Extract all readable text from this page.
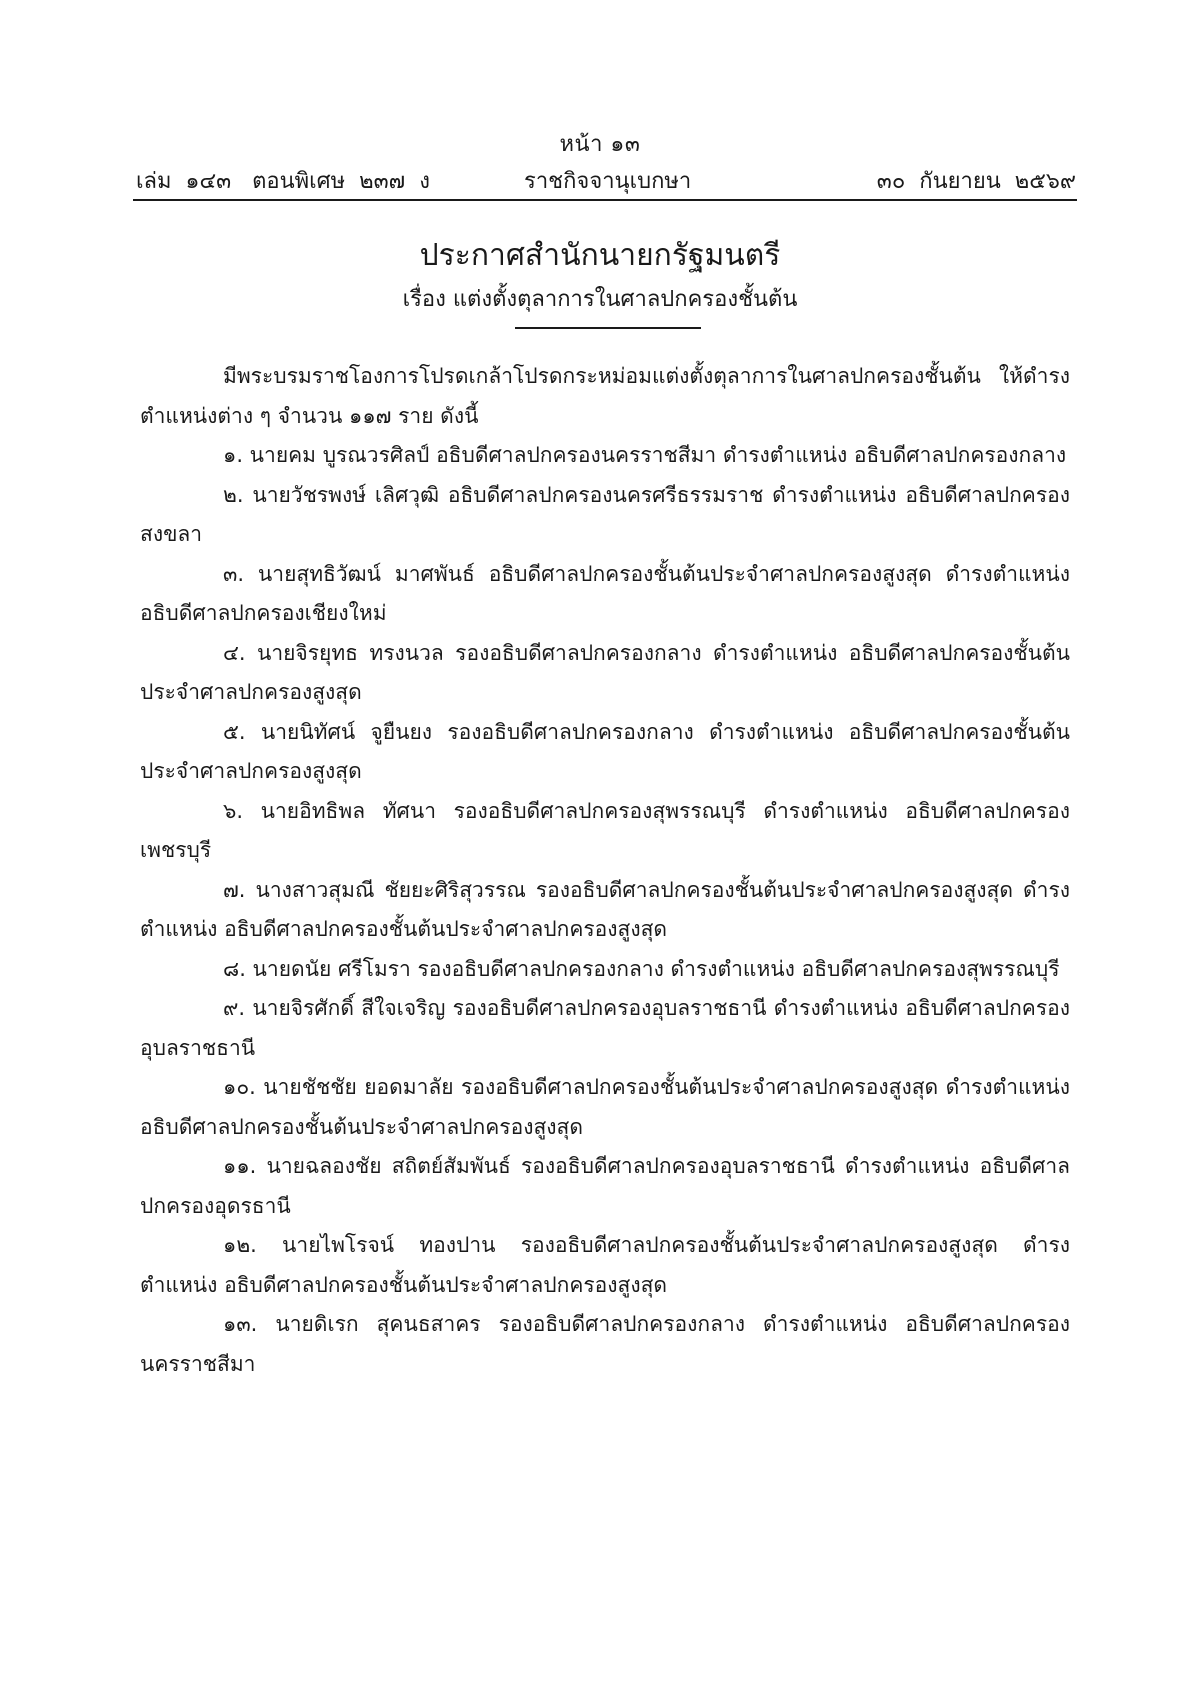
หน้า ๑๓
เล่ม  ๑๔๓   ตอนพิเศษ  ๒๓๗  ง	ราชกิจจานุเบกษา	๓๐  กันยายน  ๒๕๖๙
ประกาศสำนักนายกรัฐมนตรี
เรื่อง แต่งตั้งตุลาการในศาลปกครองชั้นต้น

มีพระบรมราชโองการโปรดเกล้าโปรดกระหม่อมแต่งตั้งตุลาการในศาลปกครองชั้นต้น ให้ดำรงตำแหน่งต่าง ๆ จำนวน ๑๑๗ ราย ดังนี้

๑. นายคม บูรณวรศิลป์ อธิบดีศาลปกครองนครราชสีมา ดำรงตำแหน่ง อธิบดีศาลปกครองกลาง

๒. นายวัชรพงษ์ เลิศวุฒิ อธิบดีศาลปกครองนครศรีธรรมราช ดำรงตำแหน่ง อธิบดีศาลปกครอง สงขลา

๓. นายสุทธิวัฒน์ มาศพันธ์ อธิบดีศาลปกครองชั้นต้นประจำศาลปกครองสูงสุด ดำรงตำแหน่ง อธิบดีศาลปกครองเชียงใหม่

๔. นายจิรยุทธ ทรงนวล รองอธิบดีศาลปกครองกลาง ดำรงตำแหน่ง อธิบดีศาลปกครองชั้นต้น ประจำศาลปกครองสูงสุด

๕. นายนิทัศน์ จูยืนยง รองอธิบดีศาลปกครองกลาง ดำรงตำแหน่ง อธิบดีศาลปกครองชั้นต้น ประจำศาลปกครองสูงสุด

๖. นายอิทธิพล ทัศนา รองอธิบดีศาลปกครองสุพรรณบุรี ดำรงตำแหน่ง อธิบดีศาลปกครอง เพชรบุรี

๗. นางสาวสุมณี ชัยยะศิริสุวรรณ รองอธิบดีศาลปกครองชั้นต้นประจำศาลปกครองสูงสุด ดำรงตำแหน่ง อธิบดีศาลปกครองชั้นต้นประจำศาลปกครองสูงสุด

๘. นายดนัย ศรีโมรา รองอธิบดีศาลปกครองกลาง ดำรงตำแหน่ง อธิบดีศาลปกครองสุพรรณบุรี

๙. นายจิรศักดิ์ สีใจเจริญ รองอธิบดีศาลปกครองอุบลราชธานี ดำรงตำแหน่ง อธิบดีศาลปกครอง อุบลราชธานี

๑๐. นายชัชชัย ยอดมาลัย รองอธิบดีศาลปกครองชั้นต้นประจำศาลปกครองสูงสุด ดำรงตำแหน่ง อธิบดีศาลปกครองชั้นต้นประจำศาลปกครองสูงสุด

๑๑. นายฉลองชัย สถิตย์สัมพันธ์ รองอธิบดีศาลปกครองอุบลราชธานี ดำรงตำแหน่ง อธิบดีศาลปกครองอุดรธานี

๑๒. นายไพโรจน์ ทองปาน รองอธิบดีศาลปกครองชั้นต้นประจำศาลปกครองสูงสุด ดำรงตำแหน่ง อธิบดีศาลปกครองชั้นต้นประจำศาลปกครองสูงสุด

๑๓. นายดิเรก สุคนธสาคร รองอธิบดีศาลปกครองกลาง ดำรงตำแหน่ง อธิบดีศาลปกครอง นครราชสีมา
